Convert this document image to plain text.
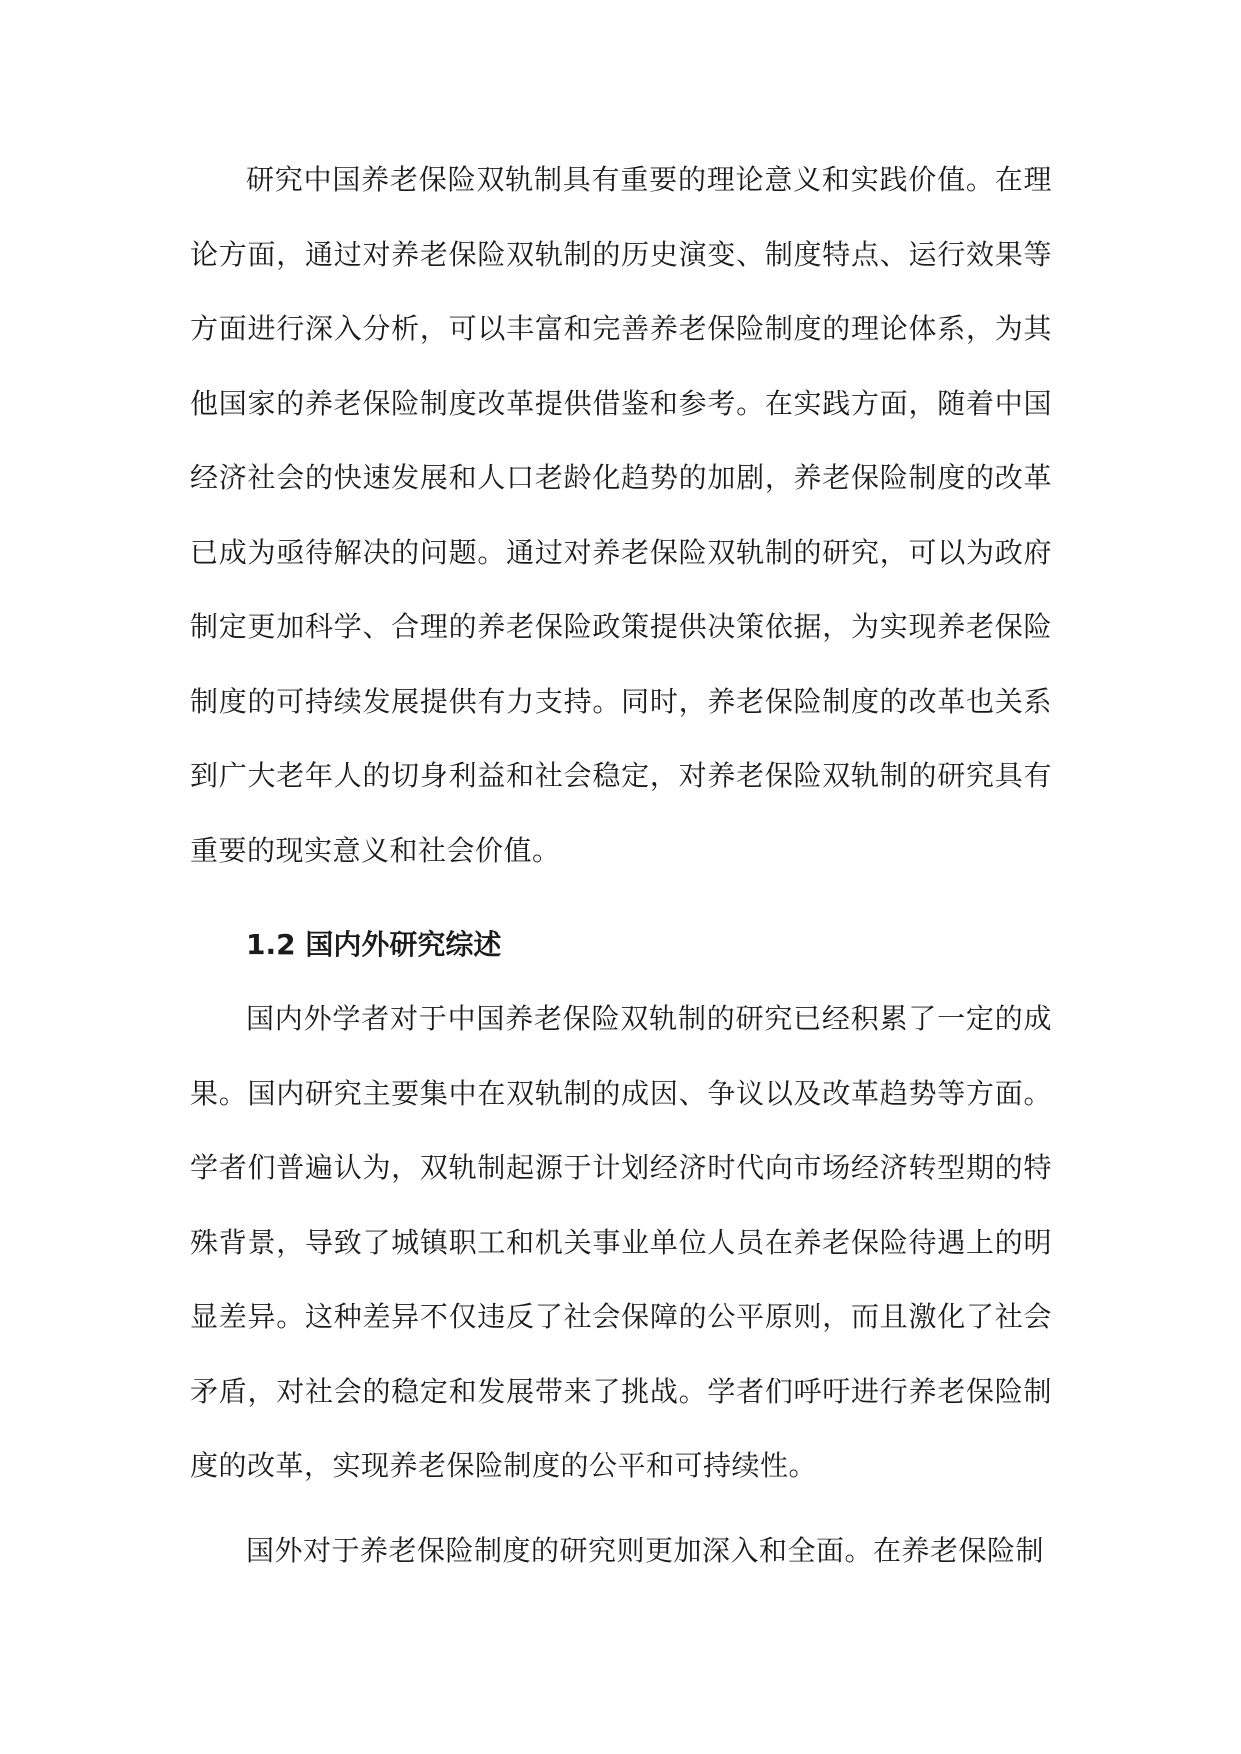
研究中国养老保险双轨制具有重要的理论意义和实践价值。在理论方面，通过对养老保险双轨制的历史演变、制度特点、运行效果等方面进行深入分析，可以丰富和完善养老保险制度的理论体系，为其他国家的养老保险制度改革提供借鉴和参考。在实践方面，随着中国经济社会的快速发展和人口老龄化趋势的加剧，养老保险制度的改革已成为亟待解决的问题。通过对养老保险双轨制的研究，可以为政府制定更加科学、合理的养老保险政策提供决策依据，为实现养老保险制度的可持续发展提供有力支持。同时，养老保险制度的改革也关系到广大老年人的切身利益和社会稳定，对养老保险双轨制的研究具有重要的现实意义和社会价值。

1.2 国内外研究综述

国内外学者对于中国养老保险双轨制的研究已经积累了一定的成果。国内研究主要集中在双轨制的成因、争议以及改革趋势等方面。学者们普遍认为，双轨制起源于计划经济时代向市场经济转型期的特殊背景，导致了城镇职工和机关事业单位人员在养老保险待遇上的明显差异。这种差异不仅违反了社会保障的公平原则，而且激化了社会矛盾，对社会的稳定和发展带来了挑战。学者们呼吁进行养老保险制度的改革，实现养老保险制度的公平和可持续性。

国外对于养老保险制度的研究则更加深入和全面。在养老保险制
